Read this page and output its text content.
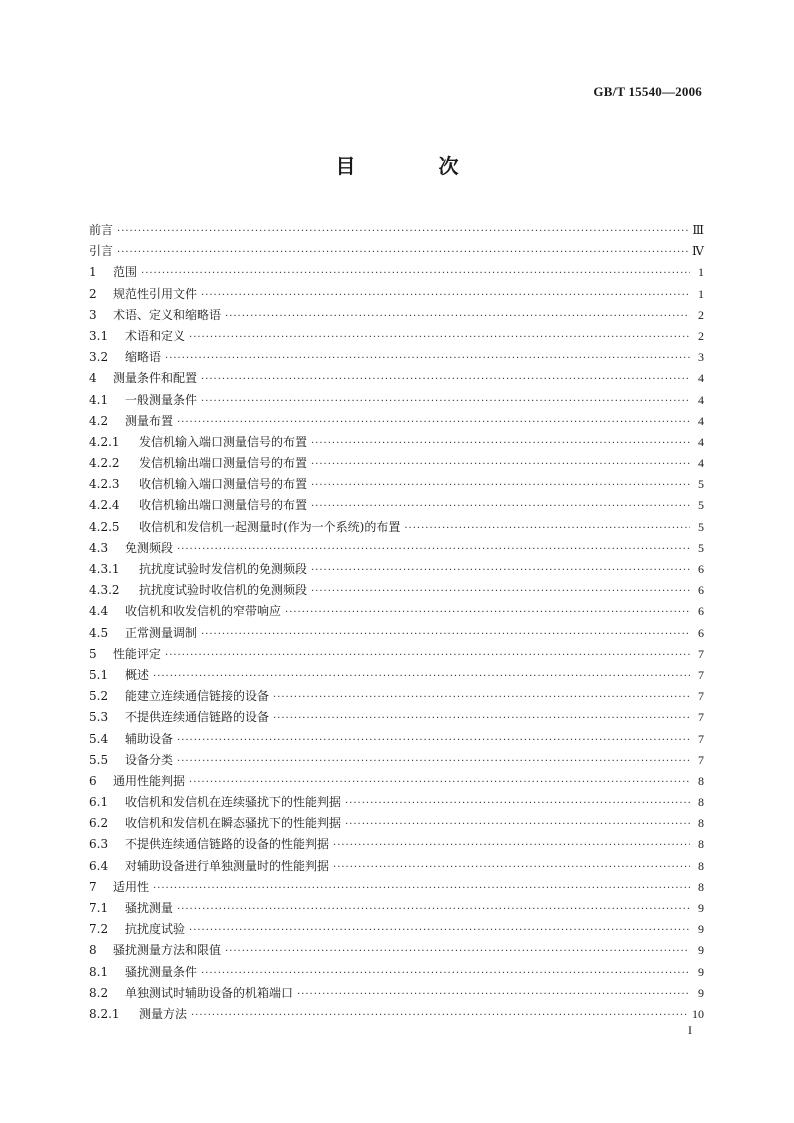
GB/T 15540—2006
目 次
前言 ·····	Ⅲ
引言 ·····	Ⅳ
1 范围 ·····	1
2 规范性引用文件 ·····	1
3 术语、定义和缩略语 ·····	2
3.1 术语和定义 ·····	2
3.2 缩略语 ·····	3
4 测量条件和配置 ·····	4
4.1 一般测量条件 ·····	4
4.2 测量布置 ·····	4
4.2.1 发信机输入端口测量信号的布置 ·····	4
4.2.2 发信机输出端口测量信号的布置 ·····	4
4.2.3 收信机输入端口测量信号的布置 ·····	5
4.2.4 收信机输出端口测量信号的布置 ·····	5
4.2.5 收信机和发信机一起测量时(作为一个系统)的布置 ·····	5
4.3 免测频段 ·····	5
4.3.1 抗扰度试验时发信机的免测频段 ·····	6
4.3.2 抗扰度试验时收信机的免测频段 ·····	6
4.4 收信机和收发信机的窄带响应 ·····	6
4.5 正常测量调制 ·····	6
5 性能评定 ·····	7
5.1 概述 ·····	7
5.2 能建立连续通信链接的设备 ·····	7
5.3 不提供连续通信链路的设备 ·····	7
5.4 辅助设备 ·····	7
5.5 设备分类 ·····	7
6 通用性能判据 ·····	8
6.1 收信机和发信机在连续骚扰下的性能判据 ·····	8
6.2 收信机和发信机在瞬态骚扰下的性能判据 ·····	8
6.3 不提供连续通信链路的设备的性能判据 ·····	8
6.4 对辅助设备进行单独测量时的性能判据 ·····	8
7 适用性 ·····	8
7.1 骚扰测量 ·····	9
7.2 抗扰度试验 ·····	9
8 骚扰测量方法和限值 ·····	9
8.1 骚扰测量条件 ·····	9
8.2 单独测试时辅助设备的机箱端口 ·····	9
8.2.1 测量方法 ·····	10
I
